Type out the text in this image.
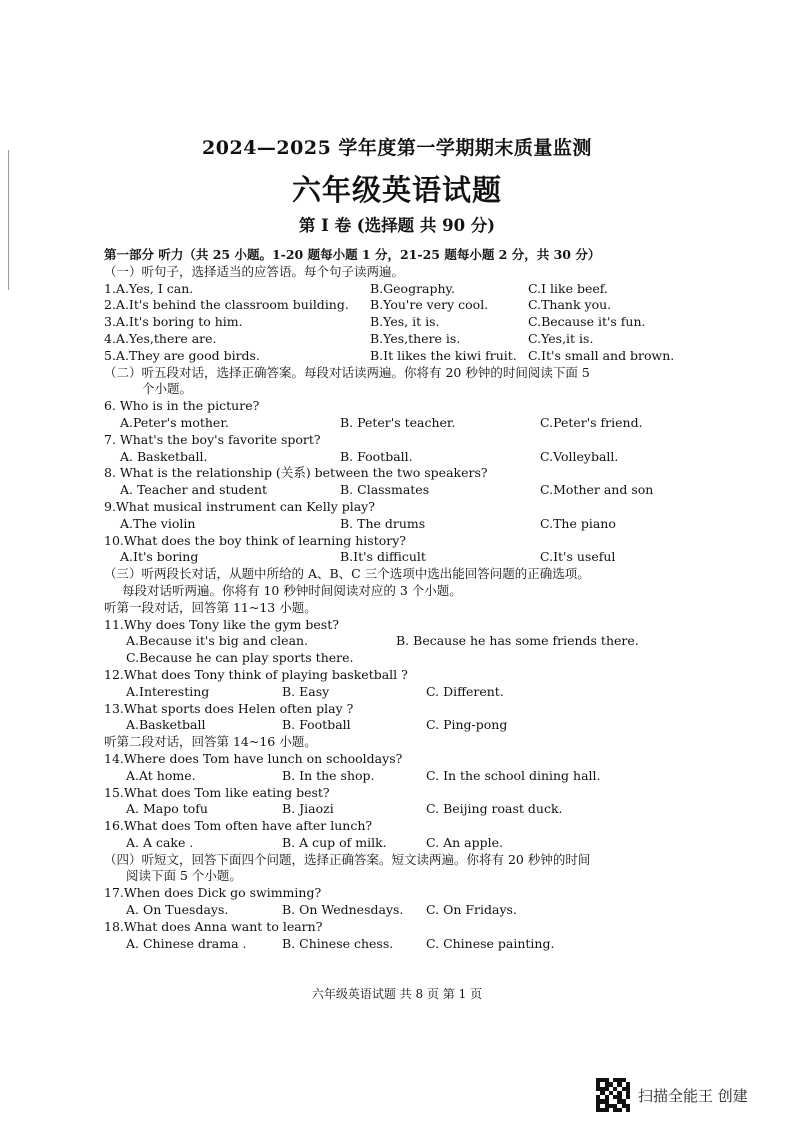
2024—2025 学年度第一学期期末质量监测
六年级英语试题
第 I 卷 (选择题 共 90 分)
第一部分 听力（共 25 小题。1-20 题每小题 1 分，21-25 题每小题 2 分，共 30 分）
（一）听句子，选择适当的应答语。每个句子读两遍。
1.A.Yes, I can.	B.Geography.	C.I like beef.
2.A.It's behind the classroom building. B.You're very cool.	C.Thank you.
3.A.It's boring to him.	B.Yes, it is.	C.Because it's fun.
4.A.Yes,there are.	B.Yes,there is.	C.Yes,it is.
5.A.They are good birds.	B.It likes the kiwi fruit. C.It's small and brown.
（二）听五段对话，选择正确答案。每段对话读两遍。你将有 20 秒钟的时间阅读下面 5
个小题。
6. Who is in the picture?
A.Peter's mother.	B. Peter's teacher.	C.Peter's friend.
7. What's the boy's favorite sport?
A. Basketball.	B. Football.	C.Volleyball.
8. What is the relationship (关系) between the two speakers?
A. Teacher and student	B. Classmates	C.Mother and son
9.What musical instrument can Kelly play?
A.The violin	B. The drums	C.The piano
10.What does the boy think of learning history?
A.It's boring	B.It's difficult	C.It's useful
（三）听两段长对话，从题中所给的 A、B、C 三个选项中选出能回答问题的正确选项。
每段对话听两遍。你将有 10 秒钟时间阅读对应的 3 个小题。
听第一段对话，回答第 11~13 小题。
11.Why does Tony like the gym best?
A.Because it's big and clean.	B. Because he has some friends there.
C.Because he can play sports there.
12.What does Tony think of playing basketball ?
A.Interesting	B. Easy	C. Different.
13.What sports does Helen often play ?
A.Basketball	B. Football	C. Ping-pong
听第二段对话，回答第 14~16 小题。
14.Where does Tom have lunch on schooldays?
A.At home.	B. In the shop.	C. In the school dining hall.
15.What does Tom like eating best?
A. Mapo tofu	B. Jiaozi	C. Beijing roast duck.
16.What does Tom often have after lunch?
A. A cake .	B. A cup of milk.	C. An apple.
（四）听短文，回答下面四个问题，选择正确答案。短文读两遍。你将有 20 秒钟的时间
阅读下面 5 个小题。
17.When does Dick go swimming?
A. On Tuesdays.	B. On Wednesdays. C. On Fridays.
18.What does Anna want to learn?
A. Chinese drama .	B. Chinese chess.	C. Chinese painting.
六年级英语试题 共 8 页 第 1 页
扫描全能王 创建
